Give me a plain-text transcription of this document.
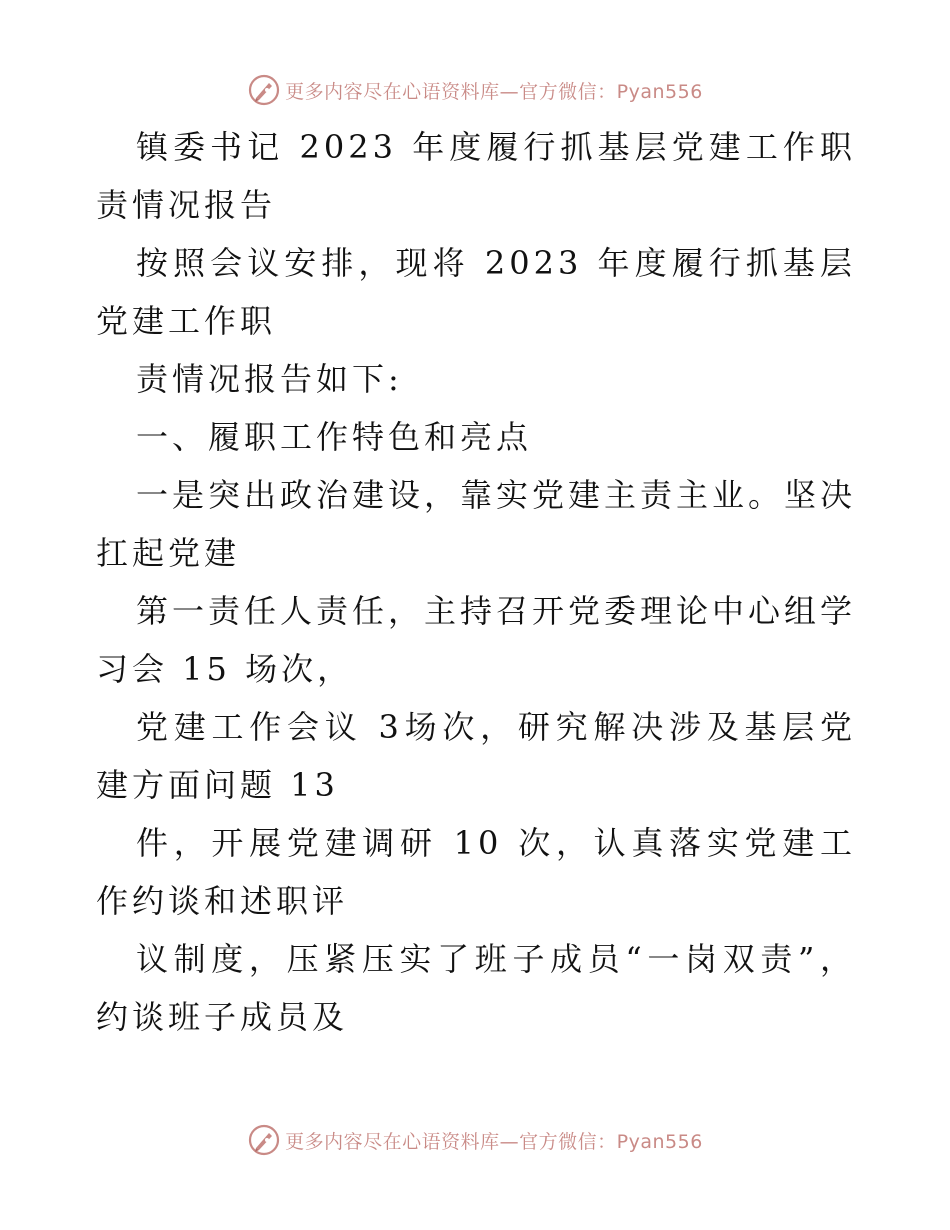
更多内容尽在心语资料库—官方微信：Pyan556

镇委书记 2023 年度履行抓基层党建工作职责情况报告

按照会议安排，现将 2023 年度履行抓基层党建工作职

责情况报告如下:

一、履职工作特色和亮点

一是突出政治建设，靠实党建主责主业。坚决扛起党建

第一责任人责任，主持召开党委理论中心组学习会 15 场次，

党建工作会议 3场次，研究解决涉及基层党建方面问题 13

件，开展党建调研 10 次，认真落实党建工作约谈和述职评

议制度，压紧压实了班子成员“一岗双责”，约谈班子成员及

更多内容尽在心语资料库—官方微信：Pyan556
